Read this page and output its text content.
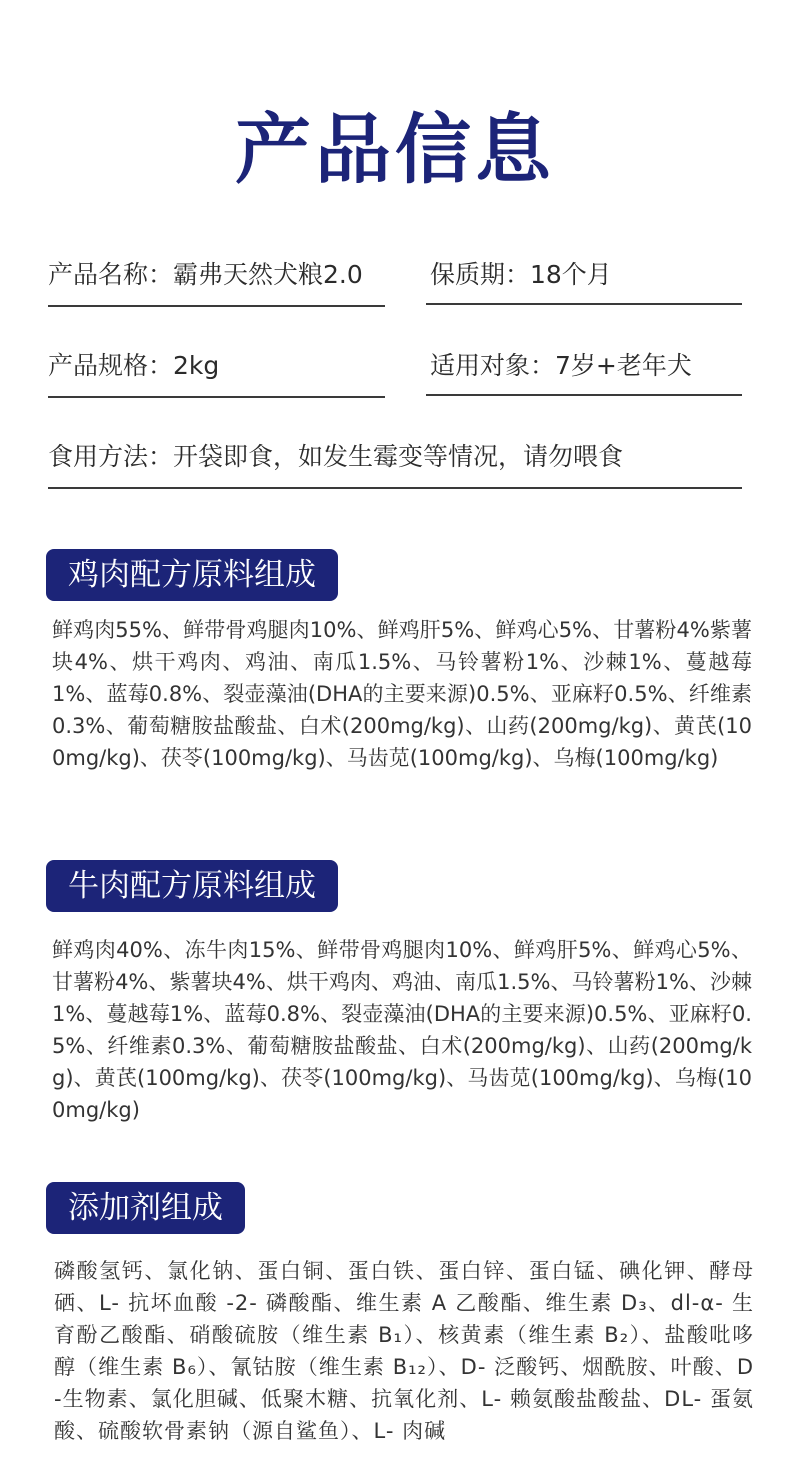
产品信息
产品名称：霸弗天然犬粮2.0	保质期：18个月
产品规格：2kg	适用对象：7岁+老年犬
食用方法：开袋即食，如发生霉变等情况，请勿喂食
鸡肉配方原料组成
鲜鸡肉55%、鲜带骨鸡腿肉10%、鲜鸡肝5%、鲜鸡心5%、甘薯粉4%紫薯块4%、烘干鸡肉、鸡油、南瓜1.5%、马铃薯粉1%、沙棘1%、蔓越莓1%、蓝莓0.8%、裂壶藻油(DHA的主要来源)0.5%、亚麻籽0.5%、纤维素0.3%、葡萄糖胺盐酸盐、白术(200mg/kg)、山药(200mg/kg)、黄芪(100mg/kg)、茯苓(100mg/kg)、马齿苋(100mg/kg)、乌梅(100mg/kg)
牛肉配方原料组成
鲜鸡肉40%、冻牛肉15%、鲜带骨鸡腿肉10%、鲜鸡肝5%、鲜鸡心5%、甘薯粉4%、紫薯块4%、烘干鸡肉、鸡油、南瓜1.5%、马铃薯粉1%、沙棘1%、蔓越莓1%、蓝莓0.8%、裂壶藻油(DHA的主要来源)0.5%、亚麻籽0.5%、纤维素0.3%、葡萄糖胺盐酸盐、白术(200mg/kg)、山药(200mg/kg)、黄芪(100mg/kg)、茯苓(100mg/kg)、马齿苋(100mg/kg)、乌梅(100mg/kg)
添加剂组成
磷酸氢钙、氯化钠、蛋白铜、蛋白铁、蛋白锌、蛋白锰、碘化钾、酵母硒、L- 抗坏血酸 -2- 磷酸酯、维生素 A 乙酸酯、维生素 D₃、dl-α- 生育酚乙酸酯、硝酸硫胺（维生素 B₁）、核黄素（维生素 B₂）、盐酸吡哆醇（维生素 B₆）、氰钴胺（维生素 B₁₂）、D- 泛酸钙、烟酰胺、叶酸、D-生物素、氯化胆碱、低聚木糖、抗氧化剂、L- 赖氨酸盐酸盐、DL- 蛋氨酸、硫酸软骨素钠（源自鲨鱼）、L- 肉碱
